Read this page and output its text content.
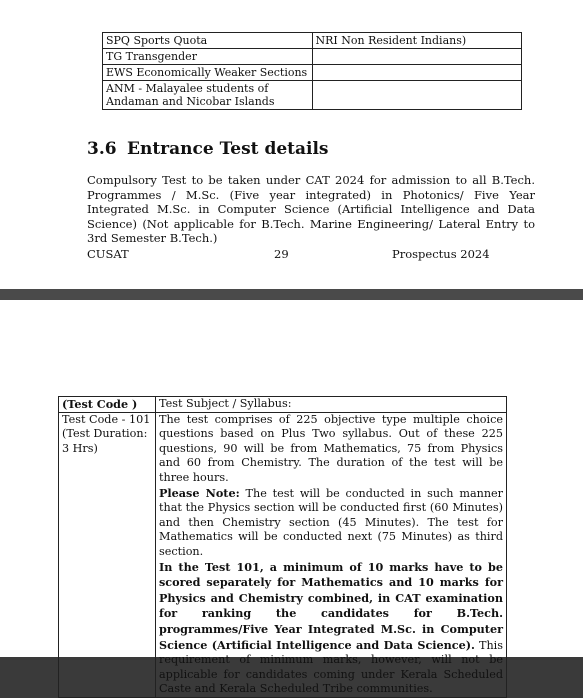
SPQ Sports Quota	NRI Non Resident Indians)
TG Transgender	
EWS Economically Weaker Sections	
ANM - Malayalee students of Andaman and Nicobar Islands	
3.6 Entrance Test details
Compulsory Test to be taken under CAT 2024 for admission to all B.Tech. Programmes / M.Sc. (Five year integrated) in Photonics/ Five Year Integrated M.Sc. in Computer Science (Artificial Intelligence and Data Science) (Not applicable for B.Tech. Marine Engineering/ Lateral Entry to 3rd Semester B.Tech.)
CUSAT	29	Prospectus 2024
(Test Code )	Test Subject / Syllabus:
Test Code - 101 (Test Duration: 3 Hrs)	The test comprises of 225 objective type multiple choice questions based on Plus Two syllabus. Out of these 225 questions, 90 will be from Mathematics, 75 from Physics and 60 from Chemistry. The duration of the test will be three hours.
Please Note: The test will be conducted in such manner that the Physics section will be conducted first (60 Minutes) and then Chemistry section (45 Minutes). The test for Mathematics will be conducted next (75 Minutes) as third section.
In the Test 101, a minimum of 10 marks have to be scored separately for Mathematics and 10 marks for Physics and Chemistry combined, in CAT examination for ranking the candidates for B.Tech. programmes/Five Year Integrated M.Sc. in Computer Science (Artificial Intelligence and Data Science). This requirement of minimum marks, however, will not be applicable for candidates coming under Kerala Scheduled Caste and Kerala Scheduled Tribe communities.
